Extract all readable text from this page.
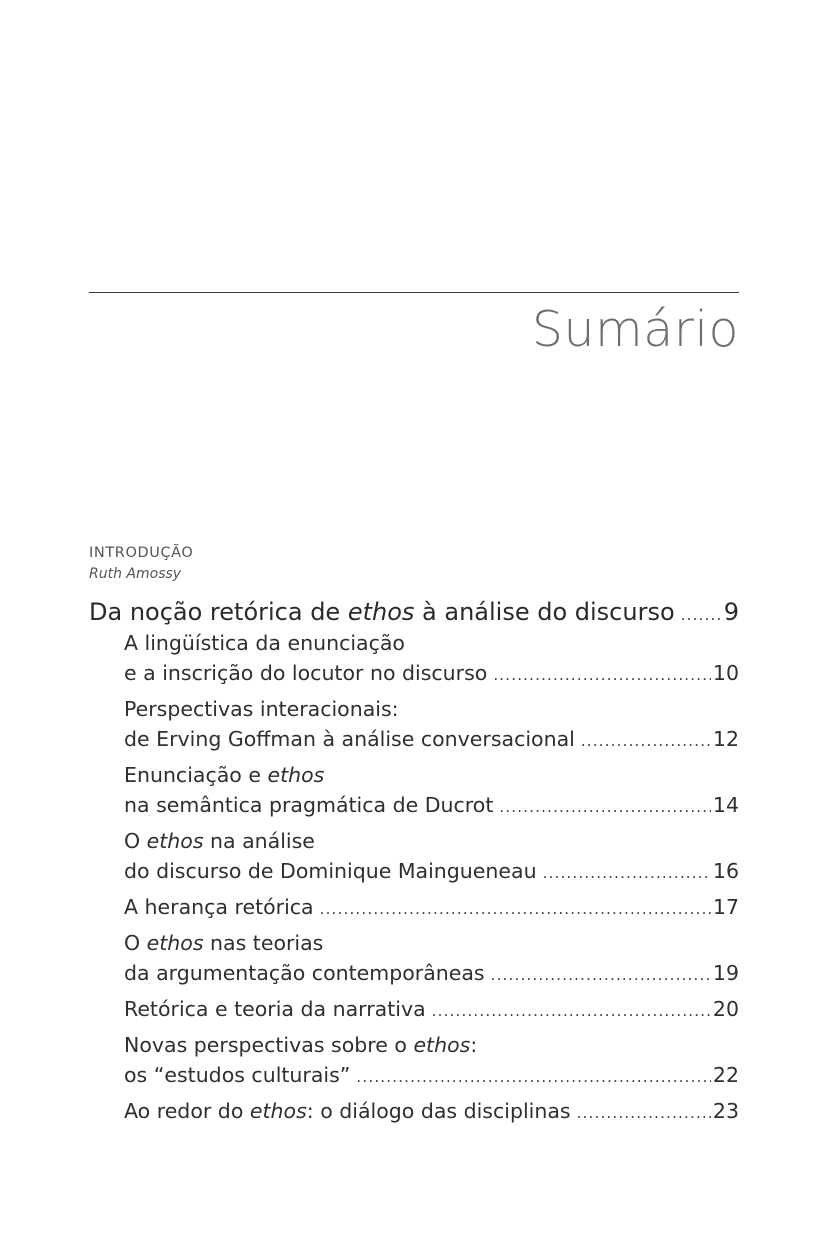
Sumário
INTRODUÇÃO
Ruth Amossy
Da noção retórica de ethos à análise do discurso ..... 9
A lingüística da enunciação
e a inscrição do locutor no discurso .....	10
Perspectivas interacionais:
de Erving Goffman à análise conversacional .....	12
Enunciação e ethos
na semântica pragmática de Ducrot .....	14
O ethos na análise
do discurso de Dominique Maingueneau .....	16
A herança retórica .....	17
O ethos nas teorias
da argumentação contemporâneas .....	19
Retórica e teoria da narrativa .....	20
Novas perspectivas sobre o ethos:
os “estudos culturais” .....	22
Ao redor do ethos: o diálogo das disciplinas .....	23
